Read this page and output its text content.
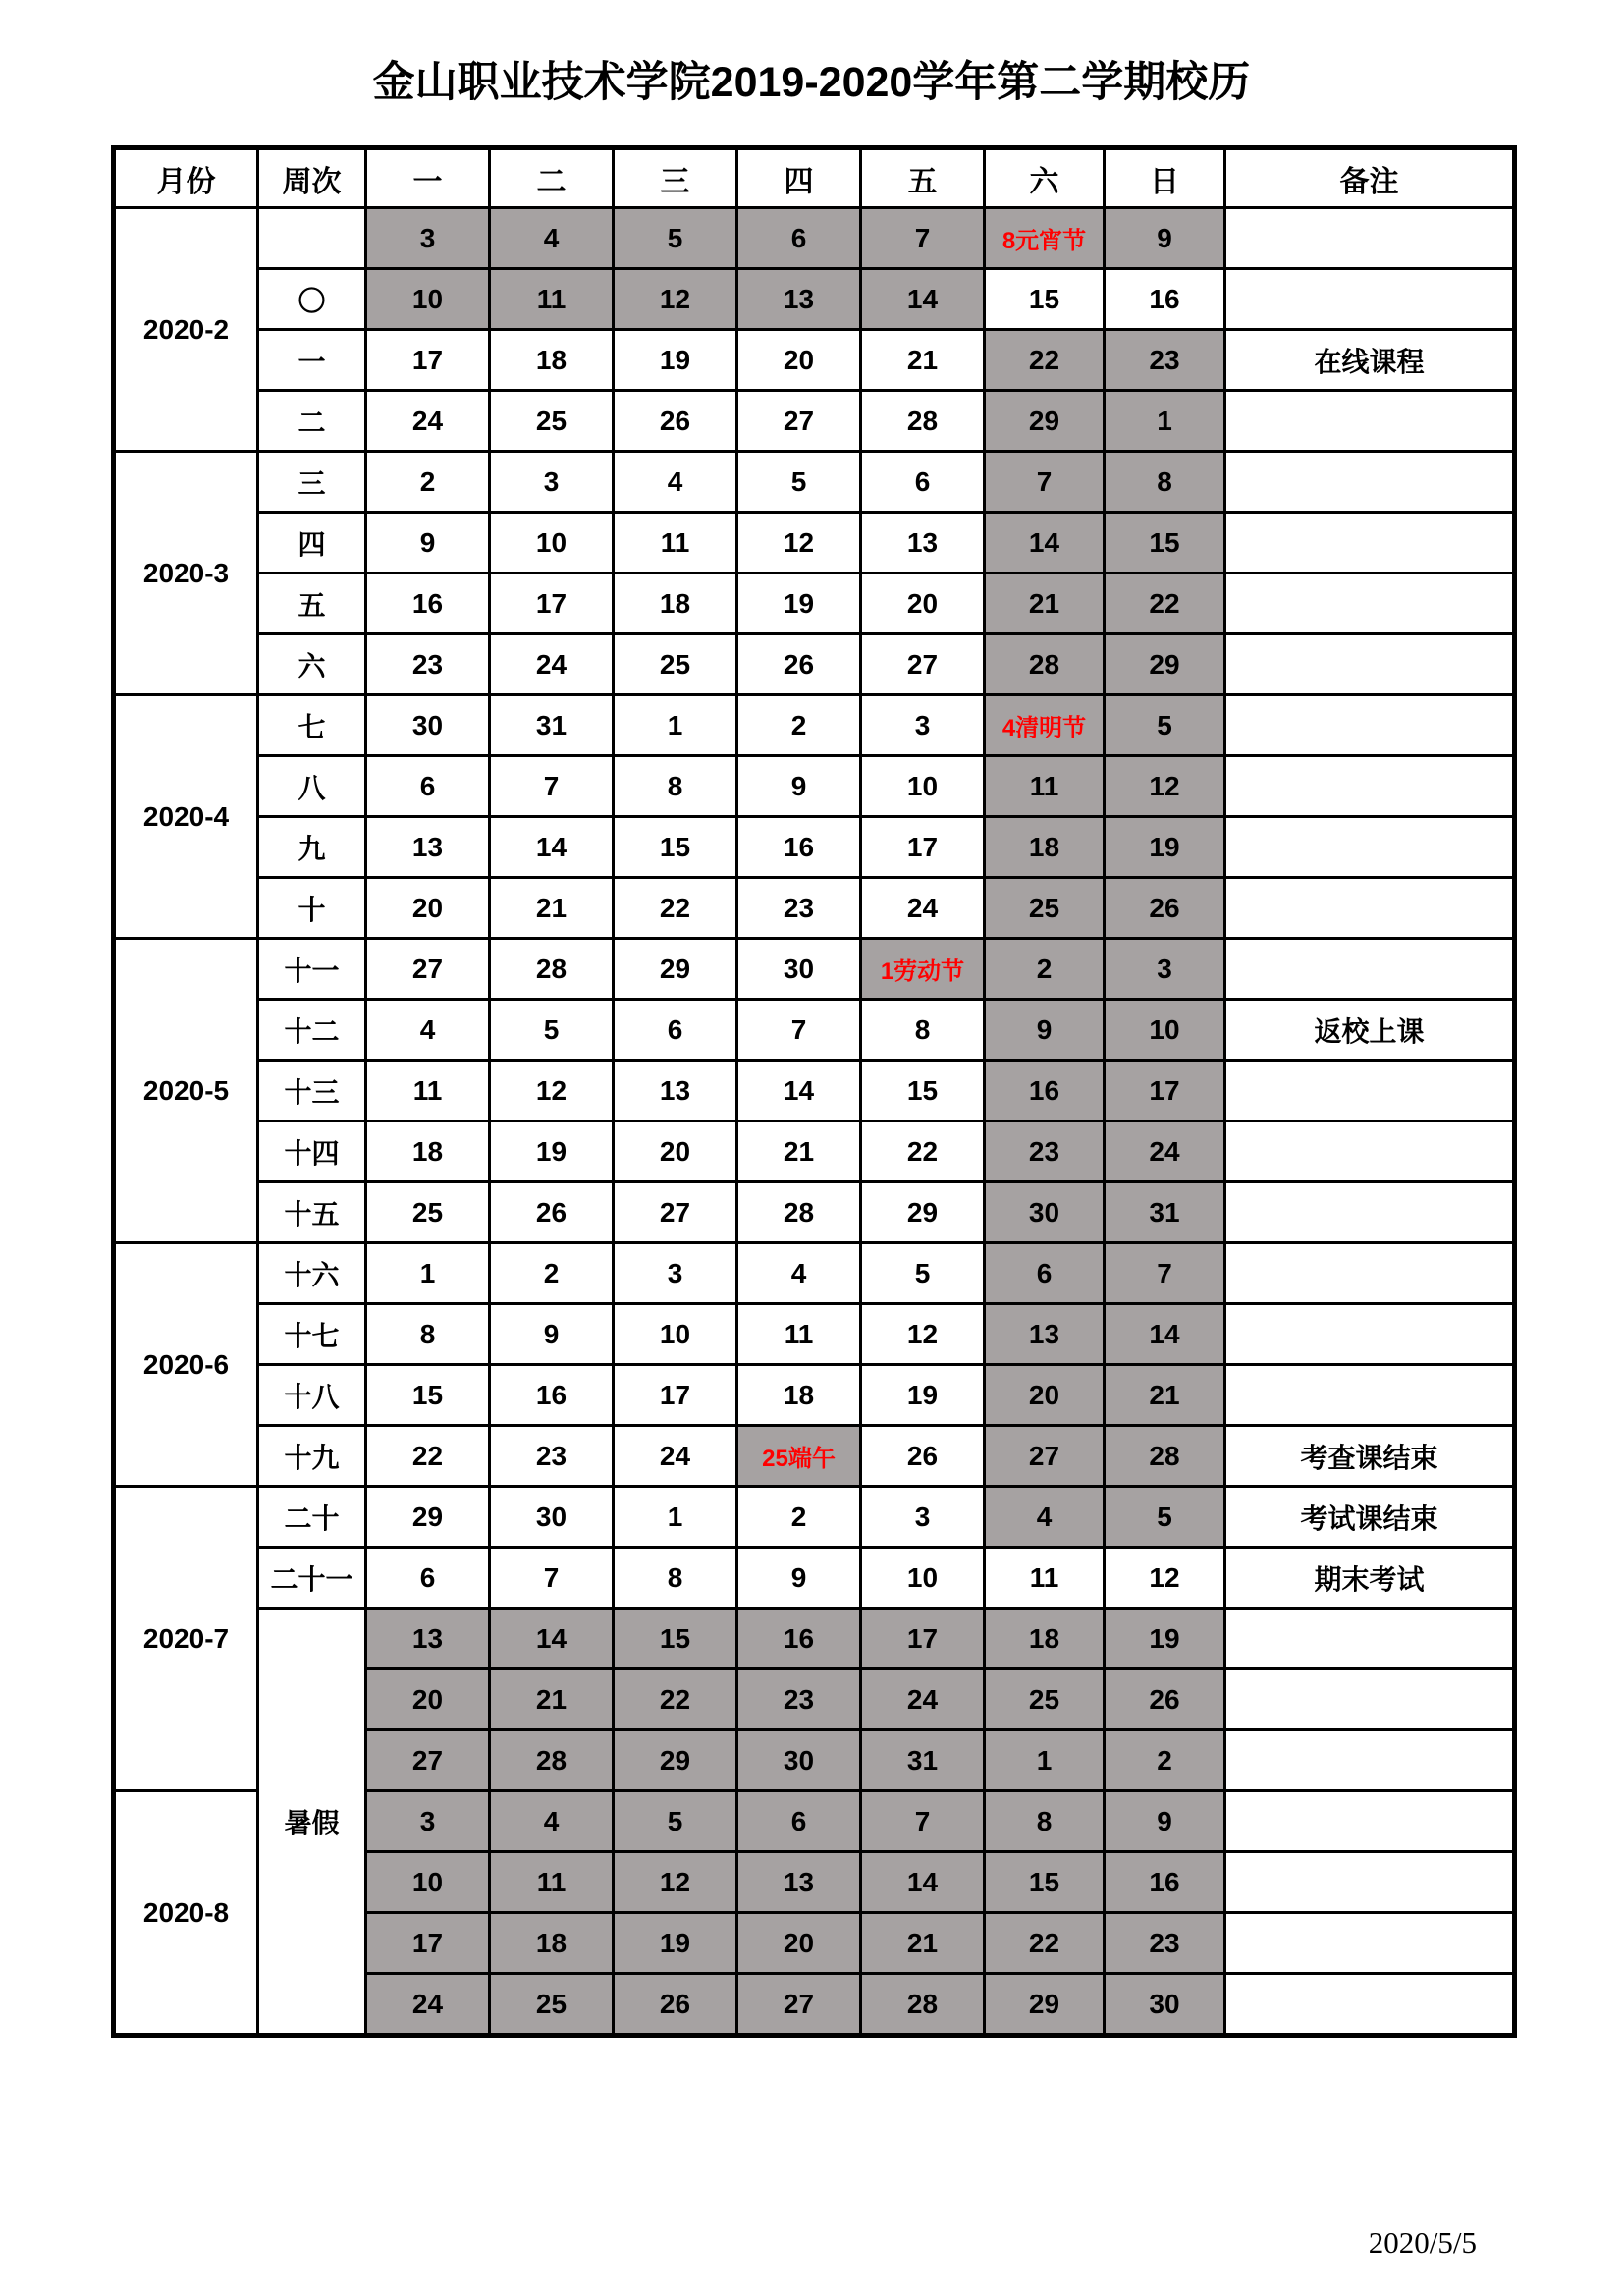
金山职业技术学院2019-2020学年第二学期校历
月份	周次	一	二	三	四	五	六	日	备注
2020-2		3	4	5	6	7	8元宵节	9	
	〇	10	11	12	13	14	15	16	
	一	17	18	19	20	21	22	23	在线课程
	二	24	25	26	27	28	29	1	
2020-3	三	2	3	4	5	6	7	8	
	四	9	10	11	12	13	14	15	
	五	16	17	18	19	20	21	22	
	六	23	24	25	26	27	28	29	
2020-4	七	30	31	1	2	3	4清明节	5	
	八	6	7	8	9	10	11	12	
	九	13	14	15	16	17	18	19	
	十	20	21	22	23	24	25	26	
2020-5	十一	27	28	29	30	1劳动节	2	3	
	十二	4	5	6	7	8	9	10	返校上课
	十三	11	12	13	14	15	16	17	
	十四	18	19	20	21	22	23	24	
	十五	25	26	27	28	29	30	31	
2020-6	十六	1	2	3	4	5	6	7	
	十七	8	9	10	11	12	13	14	
	十八	15	16	17	18	19	20	21	
	十九	22	23	24	25端午	26	27	28	考查课结束
2020-7	二十	29	30	1	2	3	4	5	考试课结束
	二十一	6	7	8	9	10	11	12	期末考试
	暑假	13	14	15	16	17	18	19	
		20	21	22	23	24	25	26	
		27	28	29	30	31	1	2	
2020-8		3	4	5	6	7	8	9	
		10	11	12	13	14	15	16	
		17	18	19	20	21	22	23	
		24	25	26	27	28	29	30	
2020/5/5
